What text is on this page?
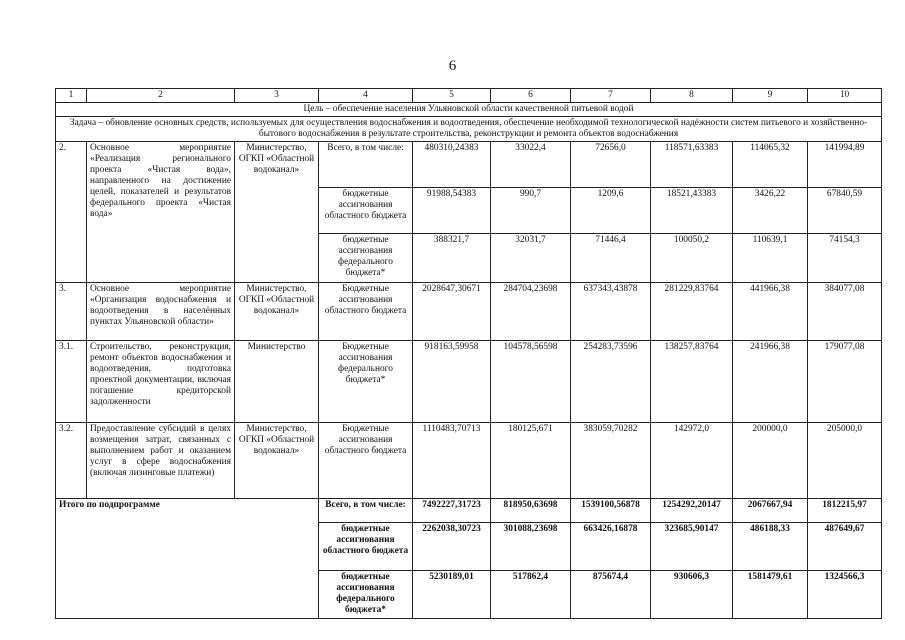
6
1	2	3	4	5	6	7	8	9	10
Цель – обеспечение населения Ульяновской области качественной питьевой водой									
Задача – обновление основных средств, используемых для осуществления водоснабжения и водоотведения, обеспечение необходимой технологической надёжности систем питьевого и хозяйственно-бытового водоснабжения в результате строительства, реконструкции и ремонта объектов водоснабжения									
2.	Основное мероприятие «Реализация регионального проекта «Чистая вода», направленного на достижение целей, показателей и результатов федерального проекта «Чистая вода»	Министерство, ОГКП «Областной водоканал»	Всего, в том числе:	480310,24383	33022,4	72656,0	118571,63383	114065,32	141994,89
			бюджетные ассигнования областного бюджета	91988,54383	990,7	1209,6	18521,43383	3426,22	67840,59
			бюджетные ассигнования федерального бюджета*	388321,7	32031,7	71446,4	100050,2	110639,1	74154,3
3.	Основное мероприятие «Организация водоснабжения и водоотведения в населённых пунктах Ульяновской области»	Министерство, ОГКП «Областной водоканал»	Бюджетные ассигнования областного бюджета	2028647,30671	284704,23698	637343,43878	281229,83764	441966,38	384077,08
3.1.	Строительство, реконструкция, ремонт объектов водоснабжения и водоотведения, подготовка проектной документации, включая погашение кредиторской задолженности	Министерство	Бюджетные ассигнования федерального бюджета*	918163,59958	104578,56598	254283,73596	138257,83764	241966,38	179077,08
3.2.	Предоставление субсидий в целях возмещения затрат, связанных с выполнением работ и оказанием услуг в сфере водоснабжения (включая лизинговые платежи)	Министерство, ОГКП «Областной водоканал»	Бюджетные ассигнования областного бюджета	1110483,70713	180125,671	383059,70282	142972,0	200000,0	205000,0
Итого по подпрограмме			Всего, в том числе:	7492227,31723	818950,63698	1539100,56878	1254292,20147	2067667,94	1812215,97
			бюджетные ассигнования областного бюджета	2262038,30723	301088,23698	663426,16878	323685,90147	486188,33	487649,67
			бюджетные ассигнования федерального бюджета*	5230189,01	517862,4	875674,4	930606,3	1581479,61	1324566,3
